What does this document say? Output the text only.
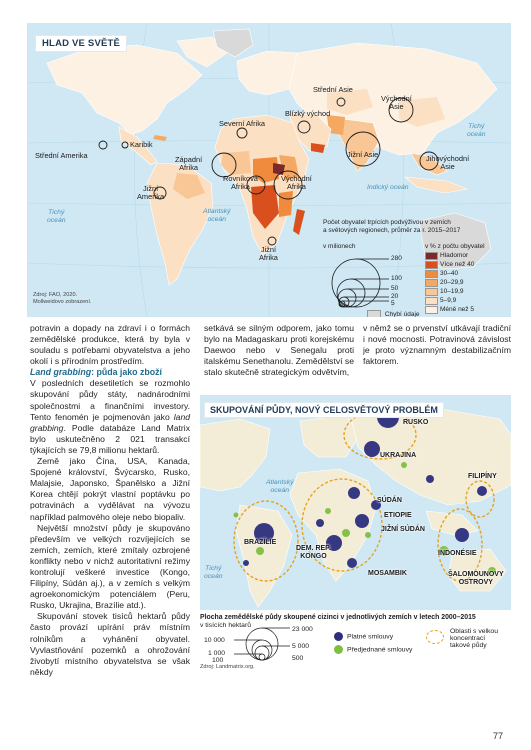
HLAD VE SVĚTĚ
Střední Asie
Východní
Asie
Severní Afrika
Blízký východ
Karibik
Západní
Afrika
Jižní Asie
Střední Amerika
Rovníková
Afrika
Východní
Afrika
Jihovýchodní
Asie
Jižní
Amerika
Jižní
Afrika
Tichý
oceán
Tichý
oceán
Indický oceán
Atlantský
oceán	Počet obyvatel trpících podvýživou v zemích
a světových regionech, průměr za r. 2015–2017
v milionech	v % z počtu obyvatel
Hladomor
Více než 40
30–40
20–29,9
10–19,9
5–9,9
Méně než 5
280
100
50
20
5
Chybí údaje
Zdroj: FAO, 2020.
Mollweidovo zobrazení.

potravin a dopady na zdraví i o formách zemědělské produkce, která by byla v souladu s potřebami obyvatelstva a jeho okolí i s přírodním prostředím.

Land grabbing: půda jako zboží

V posledních desetiletích se rozmohlo skupování půdy státy, nadnárodními společnostmi a finančními investory. Tento fenomén je pojmenován jako land grabbing. Podle databáze Land Matrix bylo uskutečněno 2 021 transakcí týkajících se 79,8 milionu hektarů.

Země jako Čína, USA, Kanada, Spojené království, Švýcarsko, Rusko, Malajsie, Japonsko, Španělsko a Jižní Korea chtějí pokrýt vlastní poptávku po potravinách a vydělávat na vývozu například palmového oleje nebo biopaliv.

Největší množství půdy je skupováno především ve velkých rozvíjejících se zemích, zemích, které zmítaly ozbrojené konflikty nebo v nichž autoritativní režimy kontrolují veškeré investice (Kongo, Filipíny, Súdán aj.), a v zemích s velkým agroekonomickým potenciálem (Peru, Rusko, Ukrajina, Brazílie atd.).

Skupování stovek tisíců hektarů půdy často provází upírání práv místním rolníkům a vyhánění obyvatel. Vyvlastňování pozemků a ohrožování živobytí místního obyvatelstva se však někdy

setkává se silným odporem, jako tomu bylo na Madagaskaru proti korejskému Daewoo nebo v Senegalu proti italskému Senethanolu. Zemědělství se stalo skutečně strategickým odvětvím,
v němž se o prvenství utkávají tradiční i nové mocnosti. Potravinová závislost je proto významným destabilizačním faktorem.
SKUPOVÁNÍ PŮDY, NOVÝ CELOSVĚTOVÝ PROBLÉM
RUSKO
UKRAJINA
FILIPÍNY
SÚDÁN
ETIOPIE
JIŽNÍ SÚDÁN
BRAZÍLIE
DEM. REP.
KONGO	INDONÉSIE
MOSAMBIK	ŠALOMOUNOVY
OSTROVY
Atlantský
oceán
Tichý
oceán
Plocha zemědělské půdy skoupené cizinci v jednotlivých zemích v letech 2000–2015
v tisících hektarů
23 000
10 000
5 000
1 000
500
100
Platné smlouvy
Předjednané smlouvy
Oblasti s velkou
koncentrací
takové půdy
Zdroj: Landmatrix.org.
77
